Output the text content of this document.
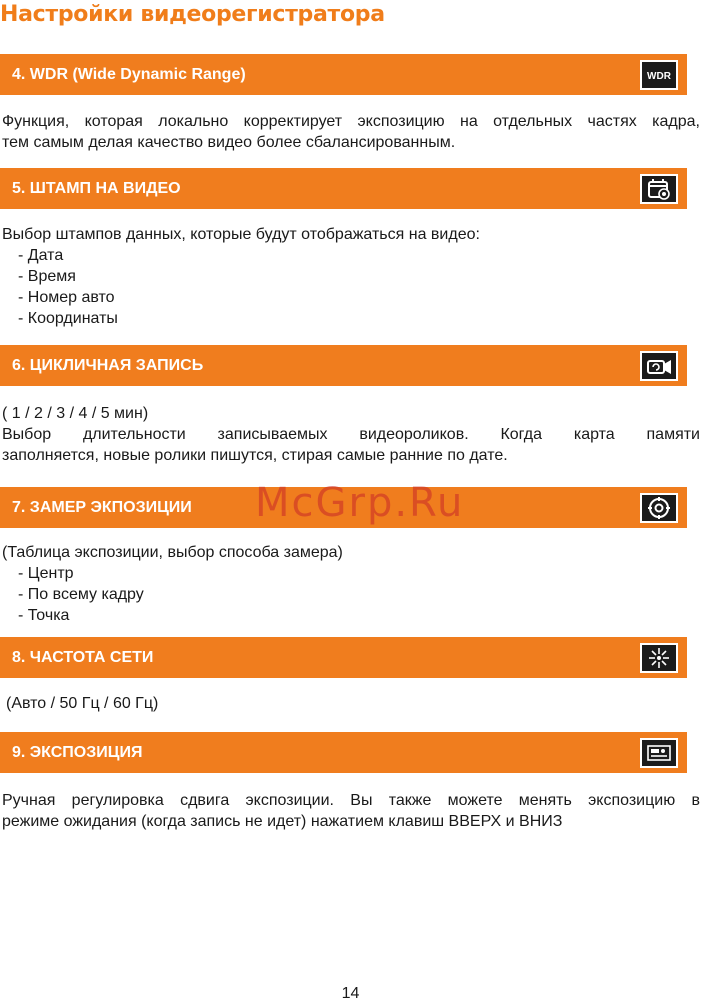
Настройки видеорегистратора
4. WDR (Wide Dynamic Range)	WDR

Функция, которая локально корректирует экспозицию на отдельных частях кадра,

тем самым делая качество видео более сбалансированным.

5. ШТАМП НА ВИДЕО

Выбор штампов данных, которые будут отображаться на видео:

- Дата
- Время
- Номер авто
- Координаты
6. ЦИКЛИЧНАЯ ЗАПИСЬ

( 1 / 2 / 3 / 4 / 5 мин)

Выбор длительности записываемых видеороликов. Когда карта памяти

заполняется, новые ролики пишутся, стирая самые ранние по дате.

7. ЗАМЕР ЭКПОЗИЦИИ McGrp.Ru

(Таблица экспозиции, выбор способа замера)

- Центр
- По всему кадру
- Точка
8. ЧАСТОТА СЕТИ

(Авто / 50 Гц / 60 Гц)

9. ЭКСПОЗИЦИЯ

Ручная регулировка сдвига экспозиции. Вы также можете менять экспозицию в

режиме ожидания (когда запись не идет) нажатием клавиш ВВЕРХ и ВНИЗ

14
